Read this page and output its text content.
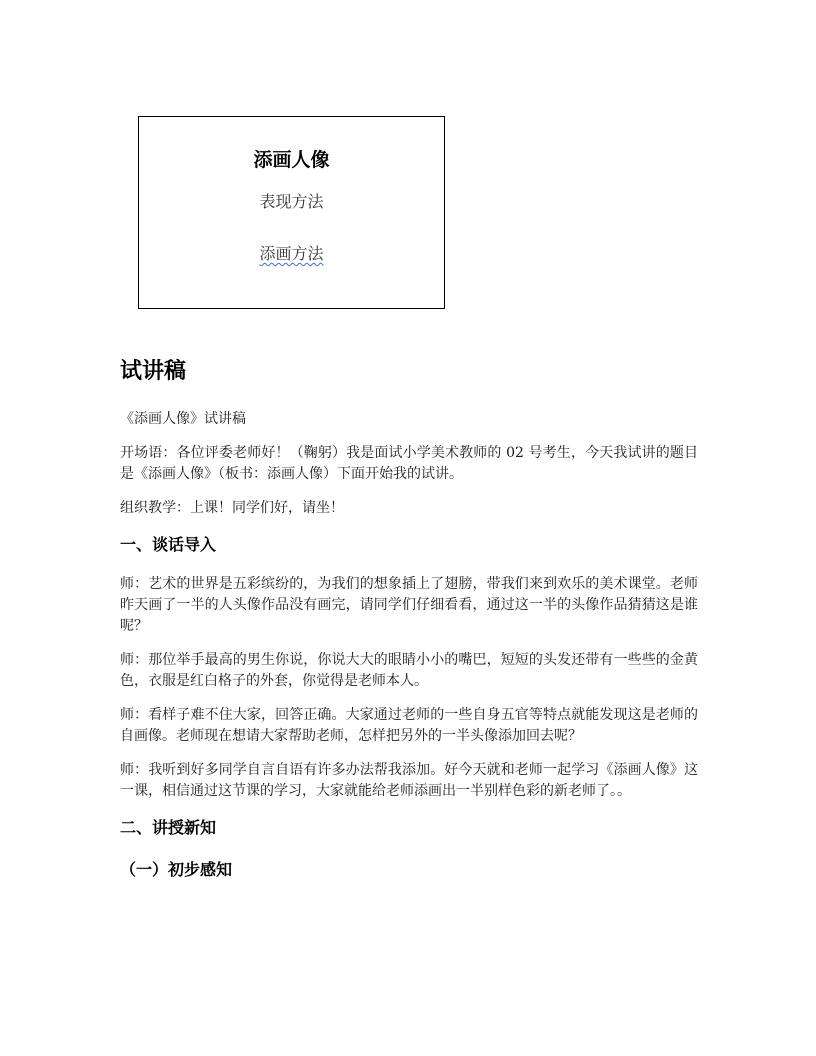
添画人像
表现方法
添画方法
试讲稿

《添画人像》试讲稿

开场语：各位评委老师好！（鞠躬）我是面试小学美术教师的 02 号考生，今天我试讲的题目是《添画人像》（板书：添画人像）下面开始我的试讲。

组织教学：上课！同学们好，请坐！

一、谈话导入

师：艺术的世界是五彩缤纷的，为我们的想象插上了翅膀，带我们来到欢乐的美术课堂。老师昨天画了一半的人头像作品没有画完，请同学们仔细看看，通过这一半的头像作品猜猜这是谁呢？

师：那位举手最高的男生你说，你说大大的眼睛小小的嘴巴，短短的头发还带有一些些的金黄色，衣服是红白格子的外套，你觉得是老师本人。

师：看样子难不住大家，回答正确。大家通过老师的一些自身五官等特点就能发现这是老师的自画像。老师现在想请大家帮助老师，怎样把另外的一半头像添加回去呢？

师：我听到好多同学自言自语有许多办法帮我添加。好今天就和老师一起学习《添画人像》这一课，相信通过这节课的学习，大家就能给老师添画出一半别样色彩的新老师了。。

二、讲授新知
（一）初步感知
